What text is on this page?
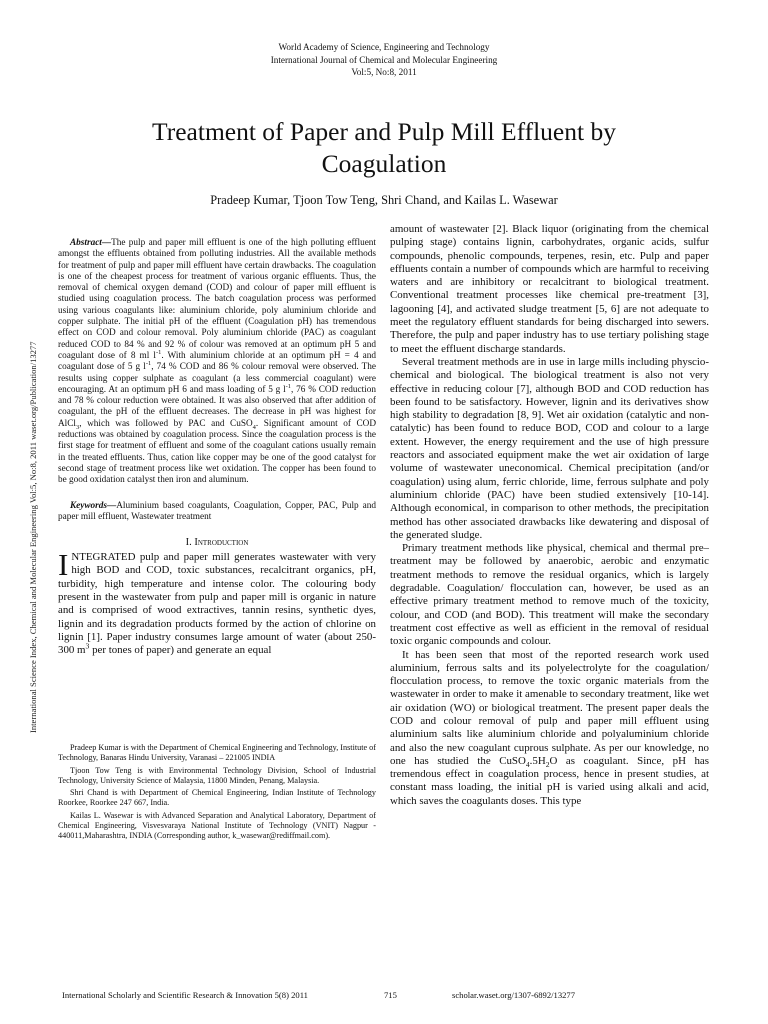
World Academy of Science, Engineering and Technology
International Journal of Chemical and Molecular Engineering
Vol:5, No:8, 2011
Treatment of Paper and Pulp Mill Effluent by
Coagulation
Pradeep Kumar, Tjoon Tow Teng, Shri Chand, and Kailas L. Wasewar
International Science Index, Chemical and Molecular Engineering Vol:5, No:8, 2011 waset.org/Publication/13277

Abstract—The pulp and paper mill effluent is one of the high polluting effluent amongst the effluents obtained from polluting industries. All the available methods for treatment of pulp and paper mill effluent have certain drawbacks. The coagulation is one of the cheapest process for treatment of various organic effluents. Thus, the removal of chemical oxygen demand (COD) and colour of paper mill effluent is studied using coagulation process. The batch coagulation process was performed using various coagulants like: aluminium chloride, poly aluminium chloride and copper sulphate. The initial pH of the effluent (Coagulation pH) has tremendous effect on COD and colour removal. Poly aluminium chloride (PAC) as coagulant reduced COD to 84 % and 92 % of colour was removed at an optimum pH 5 and coagulant dose of 8 ml $l^{-1}$. With aluminium chloride at an optimum pH = 4 and coagulant dose of 5 g $l^{-1}$, 74 % COD and 86 % colour removal were observed. The results using copper sulphate as coagulant (a less commercial coagulant) were encouraging. At an optimum pH 6 and mass loading of 5 g $l^{-1}$, 76 % COD reduction and 78 % colour reduction were obtained. It was also observed that after addition of coagulant, the pH of the effluent decreases. The decrease in pH was highest for AlCl$_3$, which was followed by PAC and CuSO$_4$. Significant amount of COD reductions was obtained by coagulation process. Since the coagulation process is the first stage for treatment of effluent and some of the coagulant cations usually remain in the treated effluents. Thus, cation like copper may be one of the good catalyst for second stage of treatment process like wet oxidation. The copper has been found to be good oxidation catalyst then iron and aluminum.

Keywords—Aluminium based coagulants, Coagulation, Copper, PAC, Pulp and paper mill effluent, Wastewater treatment

I. Introduction

INTEGRATED pulp and paper mill generates wastewater with very high BOD and COD, toxic substances, recalcitrant organics, pH, turbidity, high temperature and intense color. The colouring body present in the wastewater from pulp and paper mill is organic in nature and is comprised of wood extractives, tannin resins, synthetic dyes, lignin and its degradation products formed by the action of chlorine on lignin [1]. Paper industry consumes large amount of water (about 250-300 $m^3$ per tones of paper) and generate an equal

Pradeep Kumar is with the Department of Chemical Engineering and Technology, Institute of Technology, Banaras Hindu University, Varanasi – 221005 INDIA

Tjoon Tow Teng is with Environmental Technology Division, School of Industrial Technology, University Science of Malaysia, 11800 Minden, Penang, Malaysia.

Shri Chand is with Department of Chemical Engineering, Indian Institute of Technology Roorkee, Roorkee 247 667, India.

Kailas L. Wasewar is with Advanced Separation and Analytical Laboratory, Department of Chemical Engineering, Visvesvaraya National Institute of Technology (VNIT) Nagpur - 440011,Maharashtra, INDIA (Corresponding author, k_wasewar@rediffmail.com).

amount of wastewater [2]. Black liquor (originating from the chemical pulping stage) contains lignin, carbohydrates, organic acids, sulfur compounds, phenolic compounds, terpenes, resin, etc. Pulp and paper effluents contain a number of compounds which are harmful to receiving waters and are inhibitory or recalcitrant to biological treatment. Conventional treatment processes like chemical pre-treatment [3], lagooning [4], and activated sludge treatment [5, 6] are not adequate to meet the regulatory effluent standards for being discharged into sewers. Therefore, the pulp and paper industry has to use tertiary polishing stage to meet the effluent discharge standards.

Several treatment methods are in use in large mills including physcio-chemical and biological. The biological treatment is also not very effective in reducing colour [7], although BOD and COD reduction has been found to be satisfactory. However, lignin and its derivatives show high stability to degradation [8, 9]. Wet air oxidation (catalytic and non-catalytic) has been found to reduce BOD, COD and colour to a large extent. However, the energy requirement and the use of high pressure reactors and associated equipment make the wet air oxidation of large volume of wastewater uneconomical. Chemical precipitation (and/or coagulation) using alum, ferric chloride, lime, ferrous sulphate and poly aluminium chloride (PAC) have been studied extensively [10-14]. Although economical, in comparison to other methods, the precipitation method has other associated drawbacks like dewatering and disposal of the generated sludge.

Primary treatment methods like physical, chemical and thermal pre–treatment may be followed by anaerobic, aerobic and enzymatic treatment methods to remove the residual organics, which is largely degradable. Coagulation/ flocculation can, however, be used as an effective primary treatment method to remove much of the toxicity, colour, and COD (and BOD). This treatment will make the secondary treatment cost effective as well as efficient in the removal of residual toxic organic compounds and colour.

It has been seen that most of the reported research work used aluminium, ferrous salts and its polyelectrolyte for the coagulation/ flocculation process, to remove the toxic organic materials from the wastewater in order to make it amenable to secondary treatment, like wet air oxidation (WO) or biological treatment. The present paper deals the COD and colour removal of pulp and paper mill effluent using aluminium salts like aluminium chloride and polyaluminium chloride and also the new coagulant cuprous sulphate. As per our knowledge, no one has studied the $CuSO_4.5H_2O$ as coagulant. Since, pH has tremendous effect in coagulation process, hence in present studies, at constant mass loading, the initial pH is varied using alkali and acid, which saves the coagulants doses. This type

International Scholarly and Scientific Research & Innovation 5(8) 2011	715	scholar.waset.org/1307-6892/13277
